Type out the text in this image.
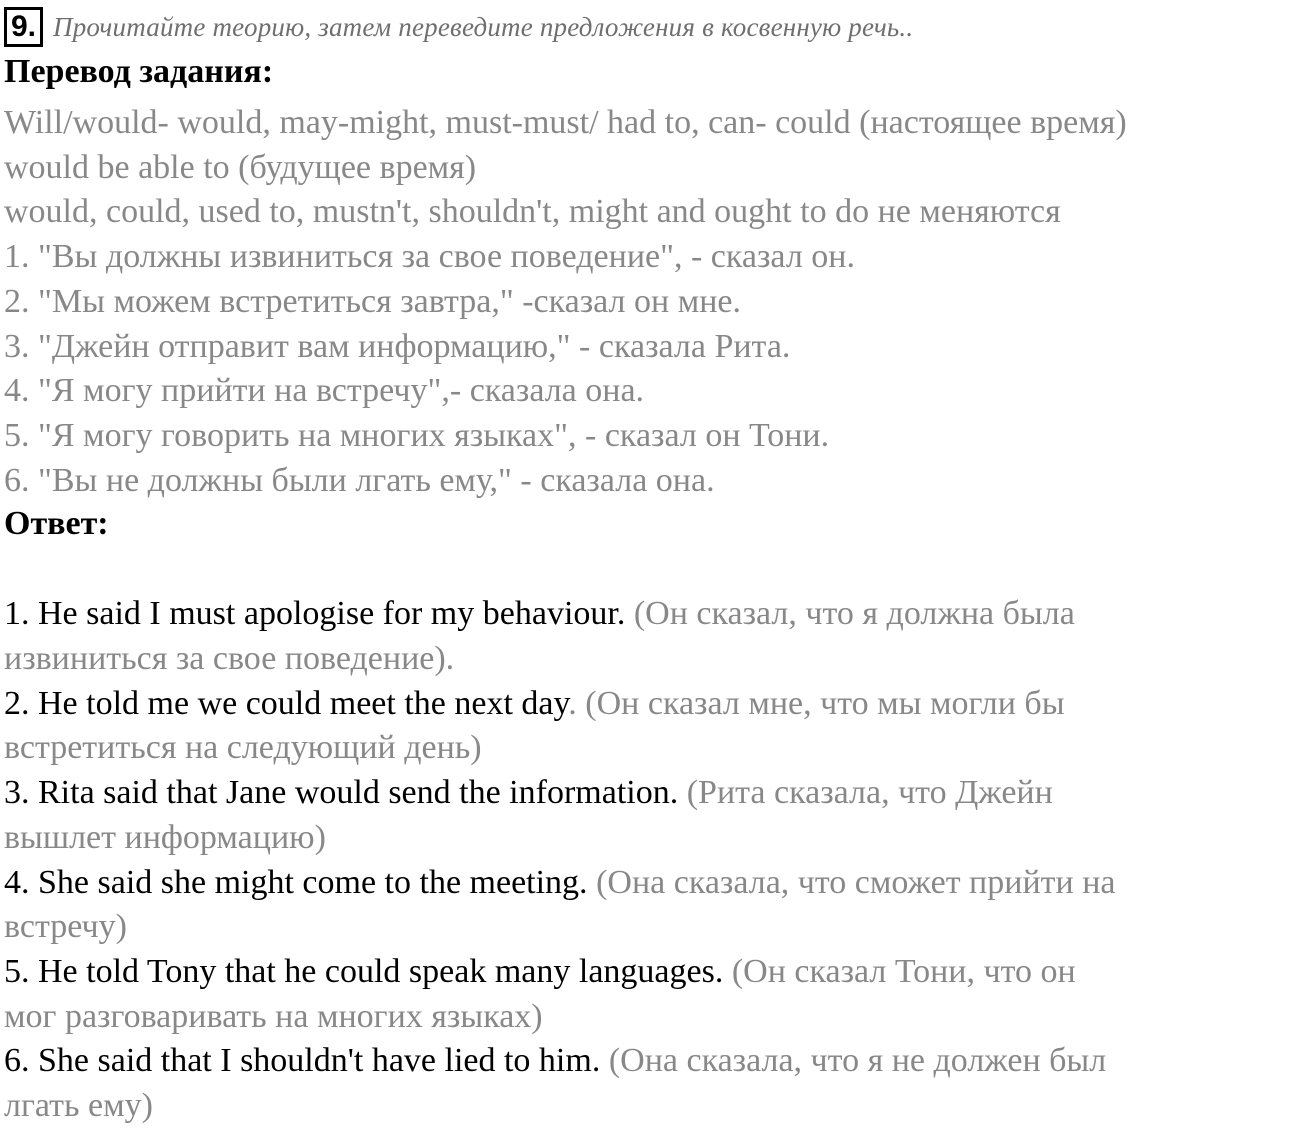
9. Прочитайте теорию, затем переведите предложения в косвенную речь..
Перевод задания:
Will/would- would, may-might, must-must/ had to, can- could (настоящее время)
would be able to (будущее время)
would, could, used to, mustn't, shouldn't, might and ought to do не меняются
1. "Вы должны извиниться за свое поведение", - сказал он.
2. "Мы можем встретиться завтра," -сказал он мне.
3. "Джейн отправит вам информацию," - сказала Рита.
4. "Я могу прийти на встречу",- сказала она.
5. "Я могу говорить на многих языках", - сказал он Тони.
6. "Вы не должны были лгать ему," - сказала она.
Ответ:
1. He said I must apologise for my behaviour. (Он сказал, что я должна была
извиниться за свое поведение).
2. He told me we could meet the next day. (Он сказал мне, что мы могли бы
встретиться на следующий день)
3. Rita said that Jane would send the information. (Рита сказала, что Джейн
вышлет информацию)
4. She said she might come to the meeting. (Она сказала, что сможет прийти на
встречу)
5. He told Tony that he could speak many languages. (Он сказал Тони, что он
мог разговаривать на многих языках)
6. She said that I shouldn't have lied to him. (Она сказала, что я не должен был
лгать ему)
